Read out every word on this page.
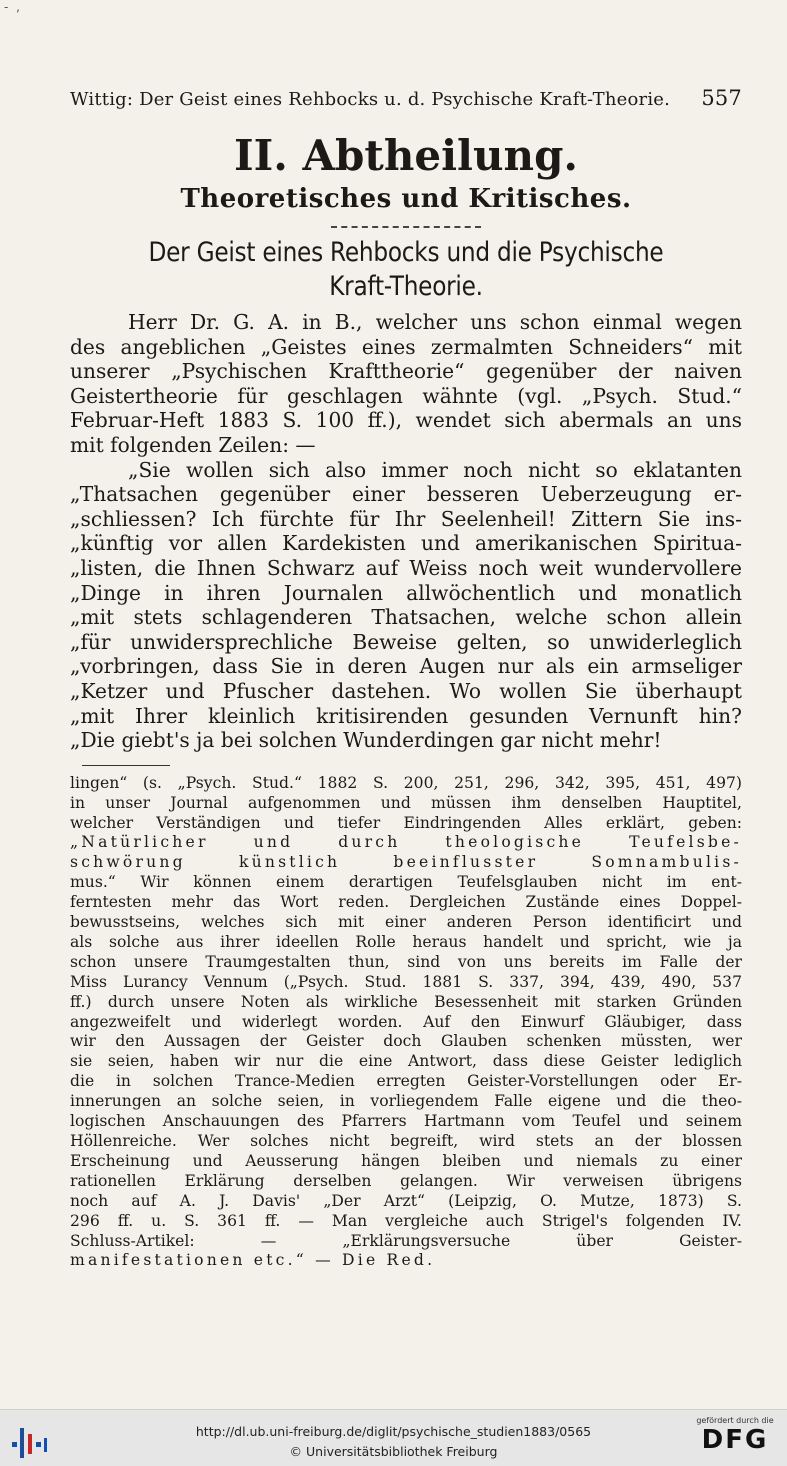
- ,
Wittig: Der Geist eines Rehbocks u. d. Psychische Kraft-Theorie. 557
II. Abtheilung.
Theoretisches und Kritisches.
Der Geist eines Rehbocks und die Psychische
Kraft-Theorie.
Herr Dr. G. A. in B., welcher uns schon einmal wegen
des angeblichen „Geistes eines zermalmten Schneiders“ mit
unserer „Psychischen Krafttheorie“ gegenüber der naiven
Geistertheorie für geschlagen wähnte (vgl. „Psych. Stud.“
Februar-Heft 1883 S. 100 ff.), wendet sich abermals an uns
mit folgenden Zeilen: —
„Sie wollen sich also immer noch nicht so eklatanten
„Thatsachen gegenüber einer besseren Ueberzeugung er-
„schliessen? Ich fürchte für Ihr Seelenheil! Zittern Sie ins-
„künftig vor allen Kardekisten und amerikanischen Spiritua-
„listen, die Ihnen Schwarz auf Weiss noch weit wundervollere
„Dinge in ihren Journalen allwöchentlich und monatlich
„mit stets schlagenderen Thatsachen, welche schon allein
„für unwidersprechliche Beweise gelten, so unwiderleglich
„vorbringen, dass Sie in deren Augen nur als ein armseliger
„Ketzer und Pfuscher dastehen. Wo wollen Sie überhaupt
„mit Ihrer kleinlich kritisirenden gesunden Vernunft hin?
„Die giebt's ja bei solchen Wunderdingen gar nicht mehr!
lingen“ (s. „Psych. Stud.“ 1882 S. 200, 251, 296, 342, 395, 451, 497)
in unser Journal aufgenommen und müssen ihm denselben Hauptitel,
welcher Verständigen und tiefer Eindringenden Alles erklärt, geben:
„Natürlicher und durch theologische Teufelsbe-
schwörung künstlich beeinflusster Somnambulis-
mus.“ Wir können einem derartigen Teufelsglauben nicht im ent-
ferntesten mehr das Wort reden. Dergleichen Zustände eines Doppel-
bewusstseins, welches sich mit einer anderen Person identificirt und
als solche aus ihrer ideellen Rolle heraus handelt und spricht, wie ja
schon unsere Traumgestalten thun, sind von uns bereits im Falle der
Miss Lurancy Vennum („Psych. Stud. 1881 S. 337, 394, 439, 490, 537
ff.) durch unsere Noten als wirkliche Besessenheit mit starken Gründen
angezweifelt und widerlegt worden. Auf den Einwurf Gläubiger, dass
wir den Aussagen der Geister doch Glauben schenken müssten, wer
sie seien, haben wir nur die eine Antwort, dass diese Geister lediglich
die in solchen Trance-Medien erregten Geister-Vorstellungen oder Er-
innerungen an solche seien, in vorliegendem Falle eigene und die theo-
logischen Anschauungen des Pfarrers Hartmann vom Teufel und seinem
Höllenreiche. Wer solches nicht begreift, wird stets an der blossen
Erscheinung und Aeusserung hängen bleiben und niemals zu einer
rationellen Erklärung derselben gelangen. Wir verweisen übrigens
noch auf A. J. Davis' „Der Arzt“ (Leipzig, O. Mutze, 1873) S.
296 ff. u. S. 361 ff. — Man vergleiche auch Strigel's folgenden IV.
Schluss-Artikel: — „Erklärungsversuche über Geister-
manifestationen etc.“ — Die Red.
http://dl.ub.uni-freiburg.de/diglit/psychische_studien1883/0565
© Universitätsbibliothek Freiburg
gefördert durch die
DFG
